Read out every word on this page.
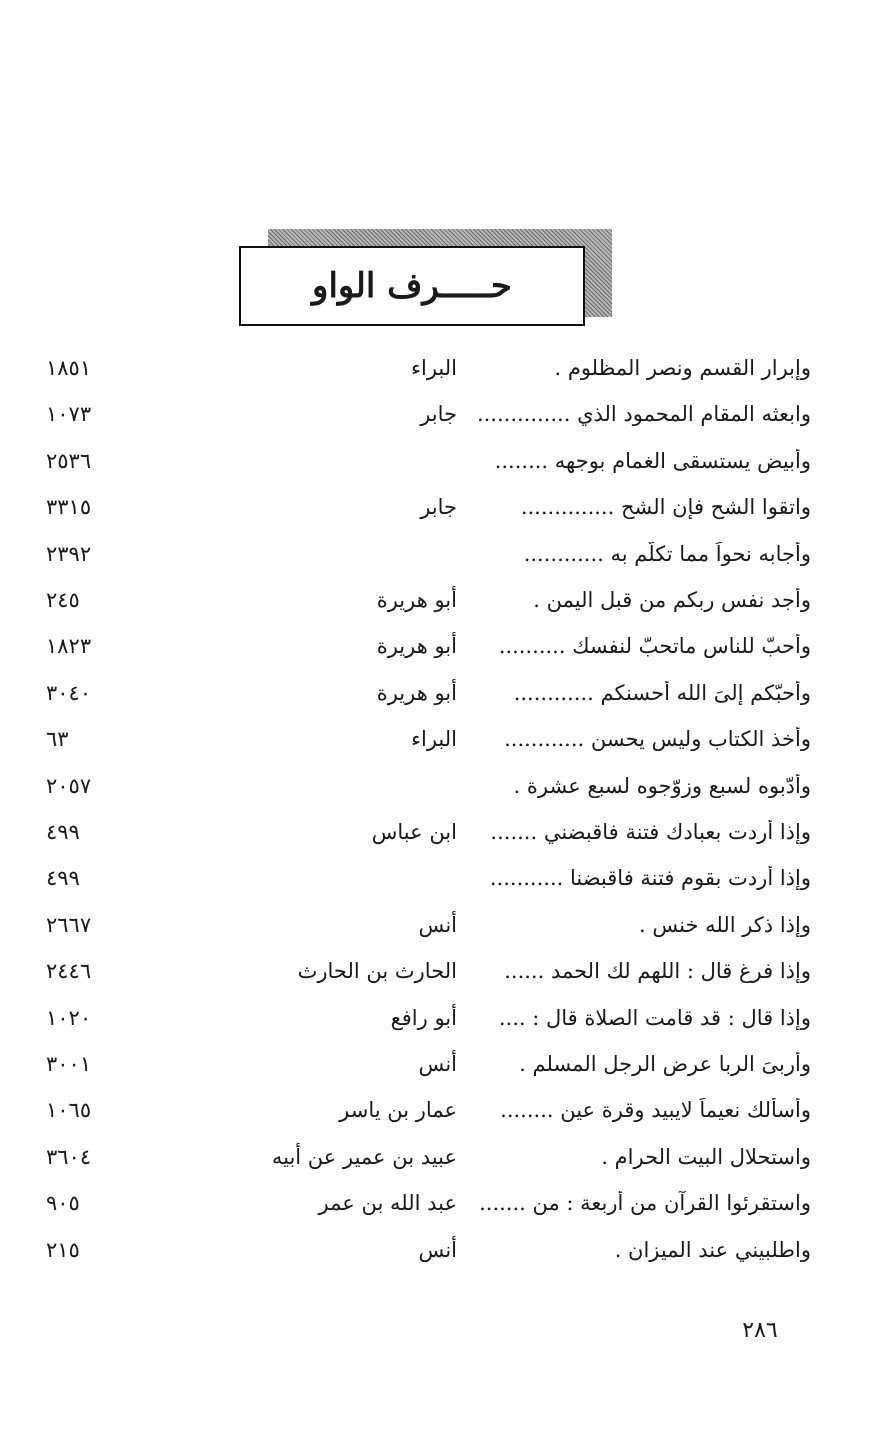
حـــــرف الواو
وإبرار القسم ونصر المظلوم .
البراء
١٨٥١
وابعثه المقام المحمود الذي ..............
جابر
١٠٧٣
وأبيض يستسقى الغمام بوجهه ........
٢٥٣٦
واتقوا الشح فإن الشحِ ..............
جابر
٣٣١٥
وأجابه نحواً مما تكلّم به ............
٢٣٩٢
وأجد نفس ربكم من قبل اليمن .
أبو هريرة
٢٤٥
وأحبّ للناس ماتحبّ لنفسك ..........
أبو هريرة
١٨٢٣
وأحبّكم إلىَ الله أحسنكم ............
أبو هريرة
٣٠٤٠
وأخذ الكتاب وليس يحسن ............
البراء
٦٣
وأدّبوه لسبع وزوّجوه لسبع عشرة .
٢٠٥٧
وإذا أردت بعبادك فتنة فاقبضني .......
ابن عباس
٤٩٩
وإذا أردت بقوم فتنة فاقبضنا ...........
٤٩٩
وإذا ذكر الله خنس .
أنس
٢٦٦٧
وإذا فرغ قال : اللهم لك الحمد ......
الحارث بن الحارث
٢٤٤٦
وإذا قال : قد قامت الصلاة قال : ....
أبو رافع
١٠٢٠
وأربىَ الربا عرض الرجل المسلم .
أنس
٣٠٠١
وأسألك نعيماً لايبيد وقرة عين ........
عمار بن ياسر
١٠٦٥
واستحلال البيت الحرام .
عبيد بن عمير عن أبيه
٣٦٠٤
واستقرئوا القرآن من أربعة : من .......
عبد الله بن عمر
٩٠٥
واطلبيني عند الميزان .
أنس
٢١٥
٢٨٦
